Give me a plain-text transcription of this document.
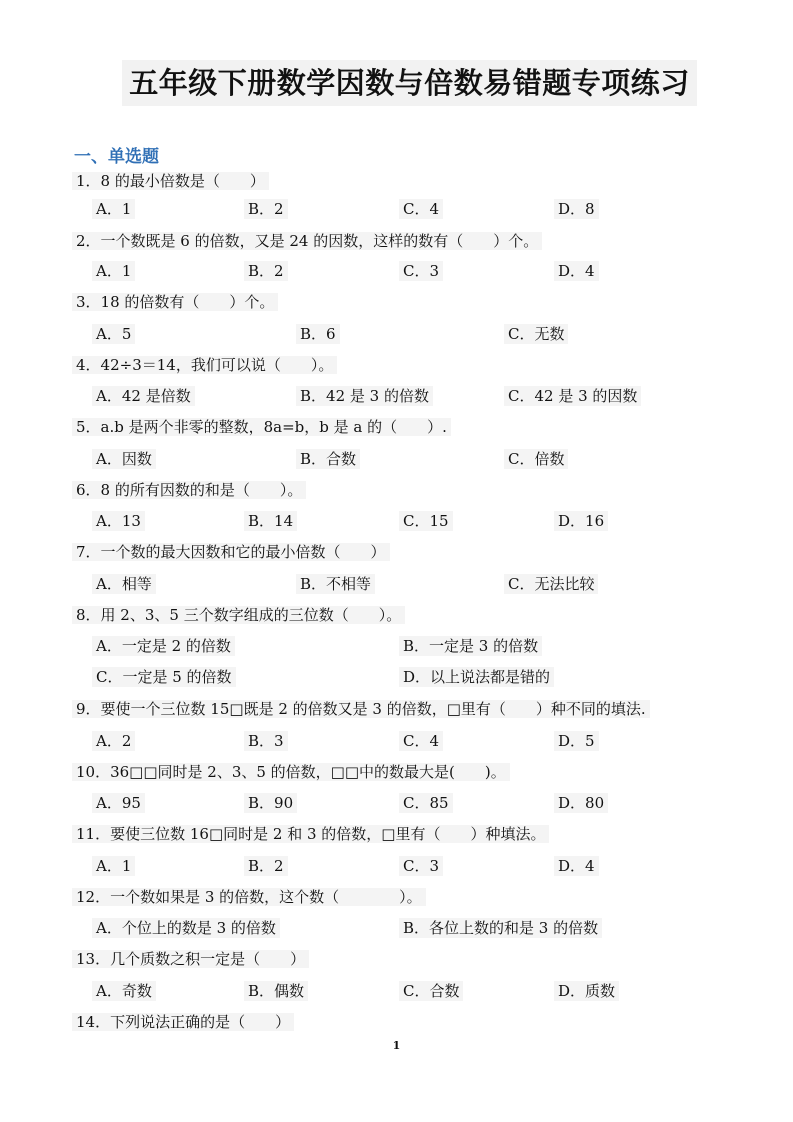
五年级下册数学因数与倍数易错题专项练习
一、单选题
1．8 的最小倍数是（　　）
A．1	B．2	C．4	D．8
2．一个数既是 6 的倍数，又是 24 的因数，这样的数有（　　）个。
A．1	B．2	C．3	D．4
3．18 的倍数有（　　）个。
A．5	B．6	C．无数
4．42÷3＝14，我们可以说（　　）。
A．42 是倍数	B．42 是 3 的倍数	C．42 是 3 的因数
5．a.b 是两个非零的整数，8a=b，b 是 a 的（　　）.
A．因数	B．合数	C．倍数
6．8 的所有因数的和是（　　）。
A．13	B．14	C．15	D．16
7．一个数的最大因数和它的最小倍数（　　）
A．相等	B．不相等	C．无法比较
8．用 2、3、5 三个数字组成的三位数（　　）。
A．一定是 2 的倍数	B．一定是 3 的倍数
C．一定是 5 的倍数	D．以上说法都是错的
9．要使一个三位数 15□既是 2 的倍数又是 3 的倍数，□里有（　　）种不同的填法.
A．2	B．3	C．4	D．5
10．36□□同时是 2、3、5 的倍数，□□中的数最大是(　　)。
A．95	B．90	C．85	D．80
11．要使三位数 16□同时是 2 和 3 的倍数，□里有（　　）种填法。
A．1	B．2	C．3	D．4
12．一个数如果是 3 的倍数，这个数（　　　　）。
A．个位上的数是 3 的倍数	B．各位上数的和是 3 的倍数
13．几个质数之积一定是（　　）
A．奇数	B．偶数	C．合数	D．质数
14．下列说法正确的是（　　）
1
